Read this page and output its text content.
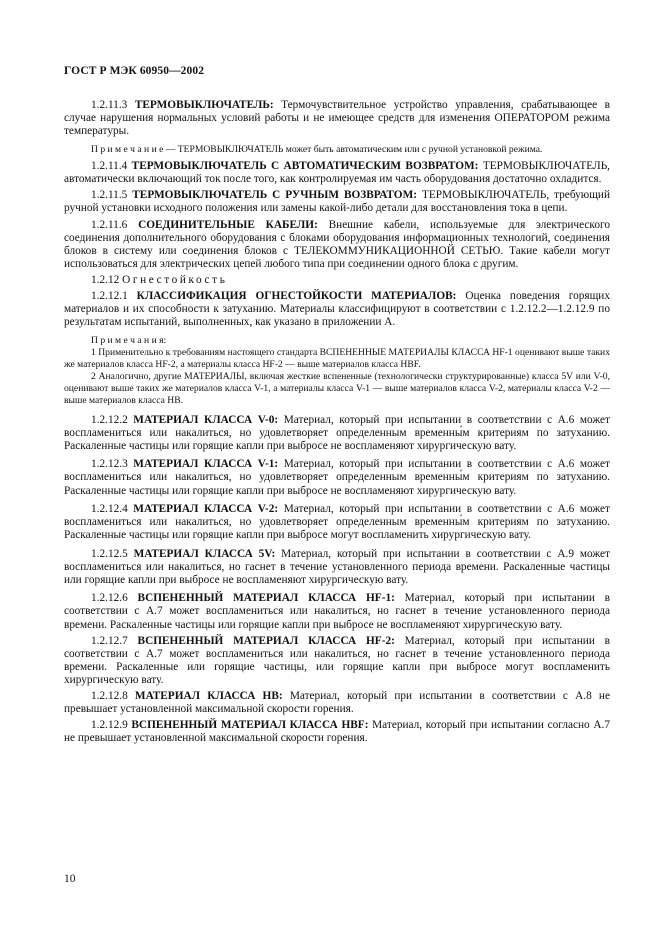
ГОСТ Р МЭК 60950—2002

1.2.11.3 ТЕРМОВЫКЛЮЧАТЕЛЬ: Термочувствительное устройство управления, срабатывающее в случае нарушения нормальных условий работы и не имеющее средств для изменения ОПЕРАТОРОМ режима температуры.

П р и м е ч а н и е — ТЕРМОВЫКЛЮЧАТЕЛЬ может быть автоматическим или с ручной установкой режима.

1.2.11.4 ТЕРМОВЫКЛЮЧАТЕЛЬ С АВТОМАТИЧЕСКИМ ВОЗВРАТОМ: ТЕРМОВЫКЛЮЧАТЕЛЬ, автоматически включающий ток после того, как контролируемая им часть оборудования достаточно охладится.

1.2.11.5 ТЕРМОВЫКЛЮЧАТЕЛЬ С РУЧНЫМ ВОЗВРАТОМ: ТЕРМОВЫКЛЮЧАТЕЛЬ, требующий ручной установки исходного положения или замены какой-либо детали для восстановления тока в цепи.

1.2.11.6 СОЕДИНИТЕЛЬНЫЕ КАБЕЛИ: Внешние кабели, используемые для электрического соединения дополнительного оборудования с блоками оборудования информационных технологий, соединения блоков в систему или соединения блоков с ТЕЛЕКОММУНИКАЦИОННОЙ СЕТЬЮ. Такие кабели могут использоваться для электрических цепей любого типа при соединении одного блока с другим.

1.2.12 Огнестойкость

1.2.12.1 КЛАССИФИКАЦИЯ ОГНЕСТОЙКОСТИ МАТЕРИАЛОВ: Оценка поведения горящих материалов и их способности к затуханию. Материалы классифицируют в соответствии с 1.2.12.2—1.2.12.9 по результатам испытаний, выполненных, как указано в приложении А.

П р и м е ч а н и я:

1 Применительно к требованиям настоящего стандарта ВСПЕНЕННЫЕ МАТЕРИАЛЫ КЛАССА HF-1 оценивают выше таких же материалов класса HF-2, а материалы класса HF-2 — выше материалов класса HBF.

2 Аналогично, другие МАТЕРИАЛЫ, включая жесткие вспененные (технологически структурированные) класса 5V или V-0, оценивают выше таких же материалов класса V-1, а материалы класса V-1 — выше материалов класса V-2, материалы класса V-2 — выше материалов класса HB.

1.2.12.2 МАТЕРИАЛ КЛАССА V-0: Материал, который при испытании в соответствии с А.6 может воспламениться или накалиться, но удовлетворяет определенным временны́м критериям по затуханию. Раскаленные частицы или горящие капли при выбросе не воспламеняют хирургическую вату.

1.2.12.3 МАТЕРИАЛ КЛАССА V-1: Материал, который при испытании в соответствии с А.6 может воспламениться или накалиться, но удовлетворяет определенным временны́м критериям по затуханию. Раскаленные частицы или горящие капли при выбросе не воспламеняют хирургическую вату.

1.2.12.4 МАТЕРИАЛ КЛАССА V-2: Материал, который при испытании в соответствии с А.6 может воспламениться или накалиться, но удовлетворяет определенным временны́м критериям по затуханию. Раскаленные частицы или горящие капли при выбросе могут воспламенить хирургическую вату.

1.2.12.5 МАТЕРИАЛ КЛАССА 5V: Материал, который при испытании в соответствии с А.9 может воспламениться или накалиться, но гаснет в течение установленного периода времени. Раскаленные частицы или горящие капли при выбросе не воспламеняют хирургическую вату.

1.2.12.6 ВСПЕНЕННЫЙ МАТЕРИАЛ КЛАССА HF-1: Материал, который при испытании в соответствии с А.7 может воспламениться или накалиться, но гаснет в течение установленного периода времени. Раскаленные частицы или горящие капли при выбросе не воспламеняют хирургическую вату.

1.2.12.7 ВСПЕНЕННЫЙ МАТЕРИАЛ КЛАССА HF-2: Материал, который при испытании в соответствии с А.7 может воспламениться или накалиться, но гаснет в течение установленного периода времени. Раскаленные или горящие частицы, или горящие капли при выбросе могут воспламенить хирургическую вату.

1.2.12.8 МАТЕРИАЛ КЛАССА HB: Материал, который при испытании в соответствии с А.8 не превышает установленной максимальной скорости горения.

1.2.12.9 ВСПЕНЕННЫЙ МАТЕРИАЛ КЛАССА HBF: Материал, который при испытании согласно А.7 не превышает установленной максимальной скорости горения.

10
